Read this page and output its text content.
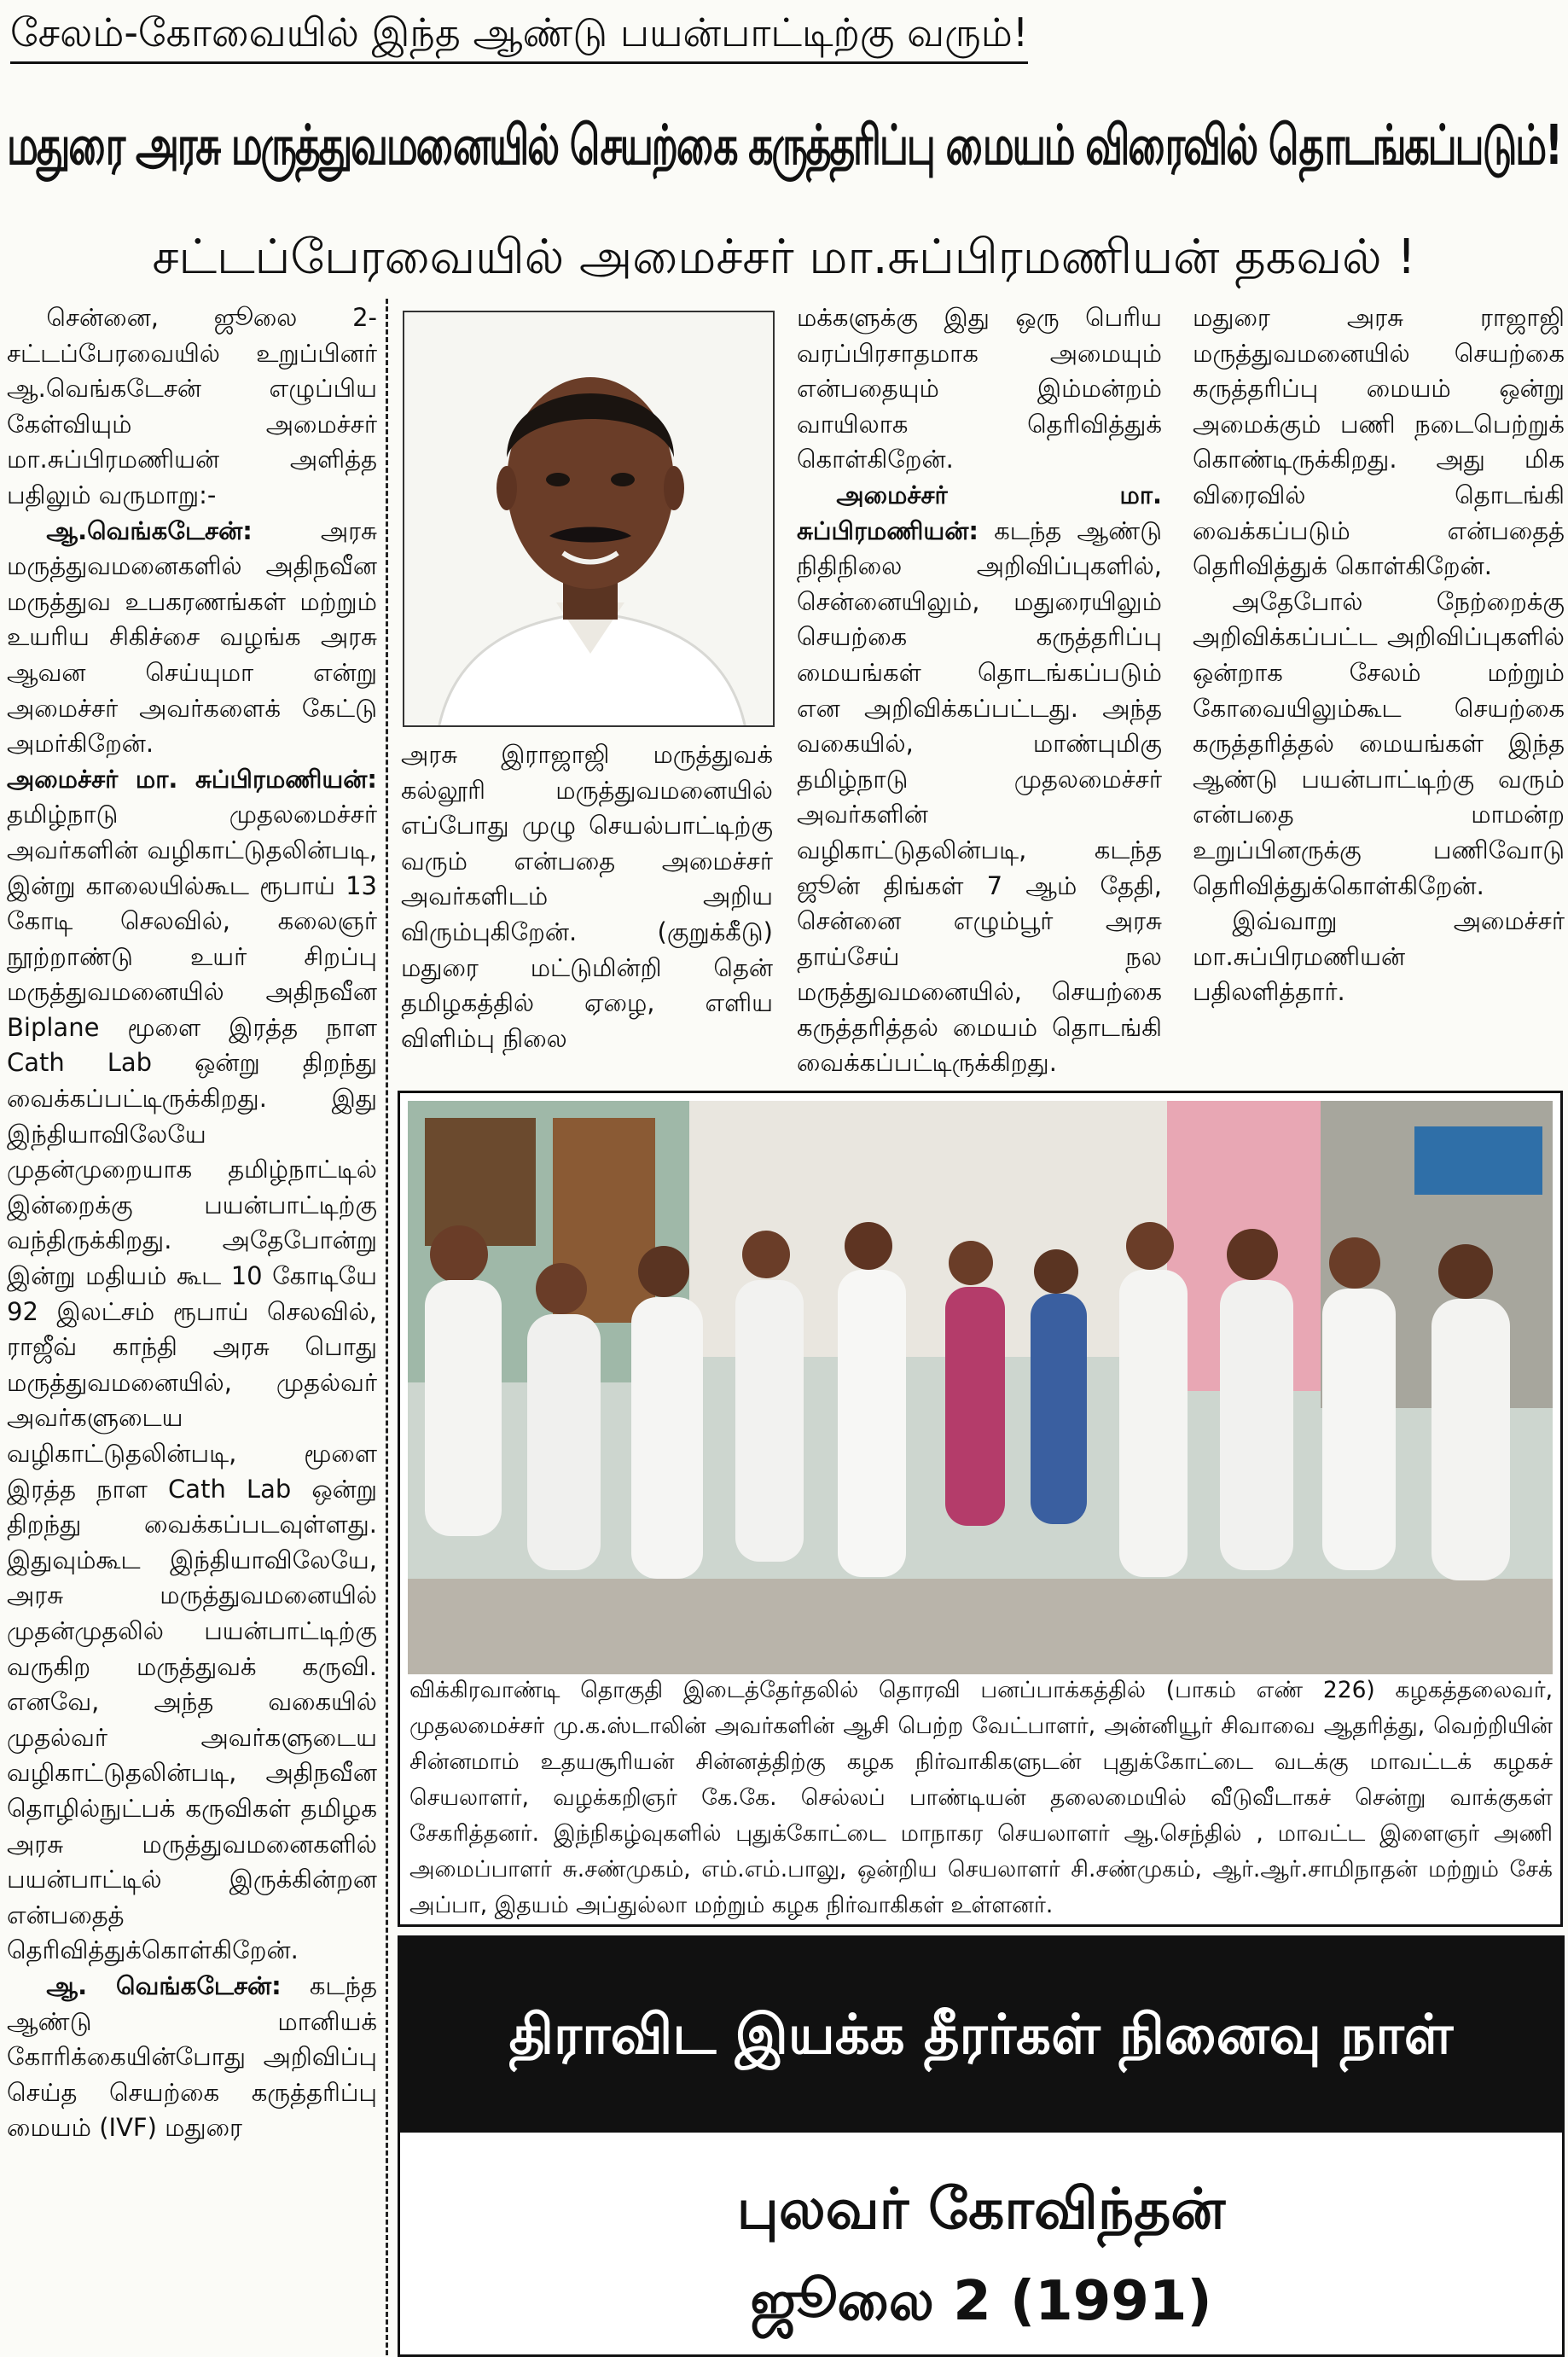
சேலம்-கோவையில் இந்த ஆண்டு பயன்பாட்டிற்கு வரும்!
மதுரை அரசு மருத்துவமனையில் செயற்கை கருத்தரிப்பு மையம் விரைவில் தொடங்கப்படும்!
சட்டப்பேரவையில் அமைச்சர் மா.சுப்பிரமணியன் தகவல் !

சென்னை, ஜூலை 2- சட்டப்பேரவையில் உறுப்பினர் ஆ.வெங்கடேசன் எழுப்பிய கேள்வியும் அமைச்சர் மா.சுப்பிரமணியன் அளித்த பதிலும் வருமாறு:-

ஆ.வெங்கடேசன்: அரசு மருத்துவமனைகளில் அதிநவீன மருத்துவ உபகரணங்கள் மற்றும் உயரிய சிகிச்சை வழங்க அரசு ஆவன செய்யுமா என்று அமைச்சர் அவர்களைக் கேட்டு அமர்கிறேன்.

அமைச்சர் மா. சுப்பிரமணியன்: தமிழ்நாடு முதலமைச்சர் அவர்களின் வழிகாட்டுதலின்படி, இன்று காலையில்கூட ரூபாய் 13 கோடி செலவில், கலைஞர் நூற்றாண்டு உயர் சிறப்பு மருத்துவமனையில் அதிநவீன Biplane மூளை இரத்த நாள Cath Lab ஒன்று திறந்து வைக்கப்பட்டிருக்கிறது. இது இந்தியாவிலேயே முதன்முறையாக தமிழ்நாட்டில் இன்றைக்கு பயன்பாட்டிற்கு வந்திருக்கிறது. அதேபோன்று இன்று மதியம் கூட 10 கோடியே 92 இலட்சம் ரூபாய் செலவில், ராஜீவ் காந்தி அரசு பொது மருத்துவமனையில், முதல்வர் அவர்களுடைய வழிகாட்டுதலின்படி, மூளை இரத்த நாள Cath Lab ஒன்று திறந்து வைக்கப்படவுள்ளது. இதுவும்கூட இந்தியாவிலேயே, அரசு மருத்துவமனையில் முதன்முதலில் பயன்பாட்டிற்கு வருகிற மருத்துவக் கருவி. எனவே, அந்த வகையில் முதல்வர் அவர்களுடைய வழிகாட்டுதலின்படி, அதிநவீன தொழில்நுட்பக் கருவிகள் தமிழக அரசு மருத்துவமனைகளில் பயன்பாட்டில் இருக்கின்றன என்பதைத் தெரிவித்துக்கொள்கிறேன்.

ஆ. வெங்கடேசன்: கடந்த ஆண்டு மானியக் கோரிக்கையின்போது அறிவிப்பு செய்த செயற்கை கருத்தரிப்பு மையம் (IVF) மதுரை

அரசு இராஜாஜி மருத்துவக் கல்லூரி மருத்துவமனையில் எப்போது முழு செயல்பாட்டிற்கு வரும் என்பதை அமைச்சர் அவர்களிடம் அறிய விரும்புகிறேன். (குறுக்கீடு) மதுரை மட்டுமின்றி தென் தமிழகத்தில் ஏழை, எளிய விளிம்பு நிலை

மக்களுக்கு இது ஒரு பெரிய வரப்பிரசாதமாக அமையும் என்பதையும் இம்மன்றம் வாயிலாக தெரிவித்துக் கொள்கிறேன்.

அமைச்சர் மா. சுப்பிரமணியன்: கடந்த ஆண்டு நிதிநிலை அறிவிப்புகளில், சென்னையிலும், மதுரையிலும் செயற்கை கருத்தரிப்பு மையங்கள் தொடங்கப்படும் என அறிவிக்கப்பட்டது. அந்த வகையில், மாண்புமிகு தமிழ்நாடு முதலமைச்சர் அவர்களின் வழிகாட்டுதலின்படி, கடந்த ஜூன் திங்கள் 7 ஆம் தேதி, சென்னை எழும்பூர் அரசு தாய்சேய் நல மருத்துவமனையில், செயற்கை கருத்தரித்தல் மையம் தொடங்கி வைக்கப்பட்டிருக்கிறது.

மதுரை அரசு ராஜாஜி மருத்துவமனையில் செயற்கை கருத்தரிப்பு மையம் ஒன்று அமைக்கும் பணி நடைபெற்றுக் கொண்டிருக்கிறது. அது மிக விரைவில் தொடங்கி வைக்கப்படும் என்பதைத் தெரிவித்துக் கொள்கிறேன்.

அதேபோல் நேற்றைக்கு அறிவிக்கப்பட்ட அறிவிப்புகளில் ஒன்றாக சேலம் மற்றும் கோவையிலும்கூட செயற்கை கருத்தரித்தல் மையங்கள் இந்த ஆண்டு பயன்பாட்டிற்கு வரும் என்பதை மாமன்ற உறுப்பினருக்கு பணிவோடு தெரிவித்துக்கொள்கிறேன்.

இவ்வாறு அமைச்சர் மா.சுப்பிரமணியன் பதிலளித்தார்.

விக்கிரவாண்டி தொகுதி இடைத்தேர்தலில் தொரவி பனப்பாக்கத்தில் (பாகம் எண் 226) கழகத்தலைவர், முதலமைச்சர் மு.க.ஸ்டாலின் அவர்களின் ஆசி பெற்ற வேட்பாளர், அன்னியூர் சிவாவை ஆதரித்து, வெற்றியின் சின்னமாம் உதயசூரியன் சின்னத்திற்கு கழக நிர்வாகிகளுடன் புதுக்கோட்டை வடக்கு மாவட்டக் கழகச் செயலாளர், வழக்கறிஞர் கே.கே. செல்லப் பாண்டியன் தலைமையில் வீடுவீடாகச் சென்று வாக்குகள் சேகரித்தனர். இந்நிகழ்வுகளில் புதுக்கோட்டை மாநாகர செயலாளர் ஆ.செந்தில் , மாவட்ட இளைஞர் அணி அமைப்பாளர் சு.சண்முகம், எம்.எம்.பாலு, ஒன்றிய செயலாளர் சி.சண்முகம், ஆர்.ஆர்.சாமிநாதன் மற்றும் சேக் அப்பா, இதயம் அப்துல்லா மற்றும் கழக நிர்வாகிகள் உள்ளனர்.
திராவிட இயக்க தீரர்கள் நினைவு நாள்
புலவர் கோவிந்தன்
ஜூலை 2 (1991)
